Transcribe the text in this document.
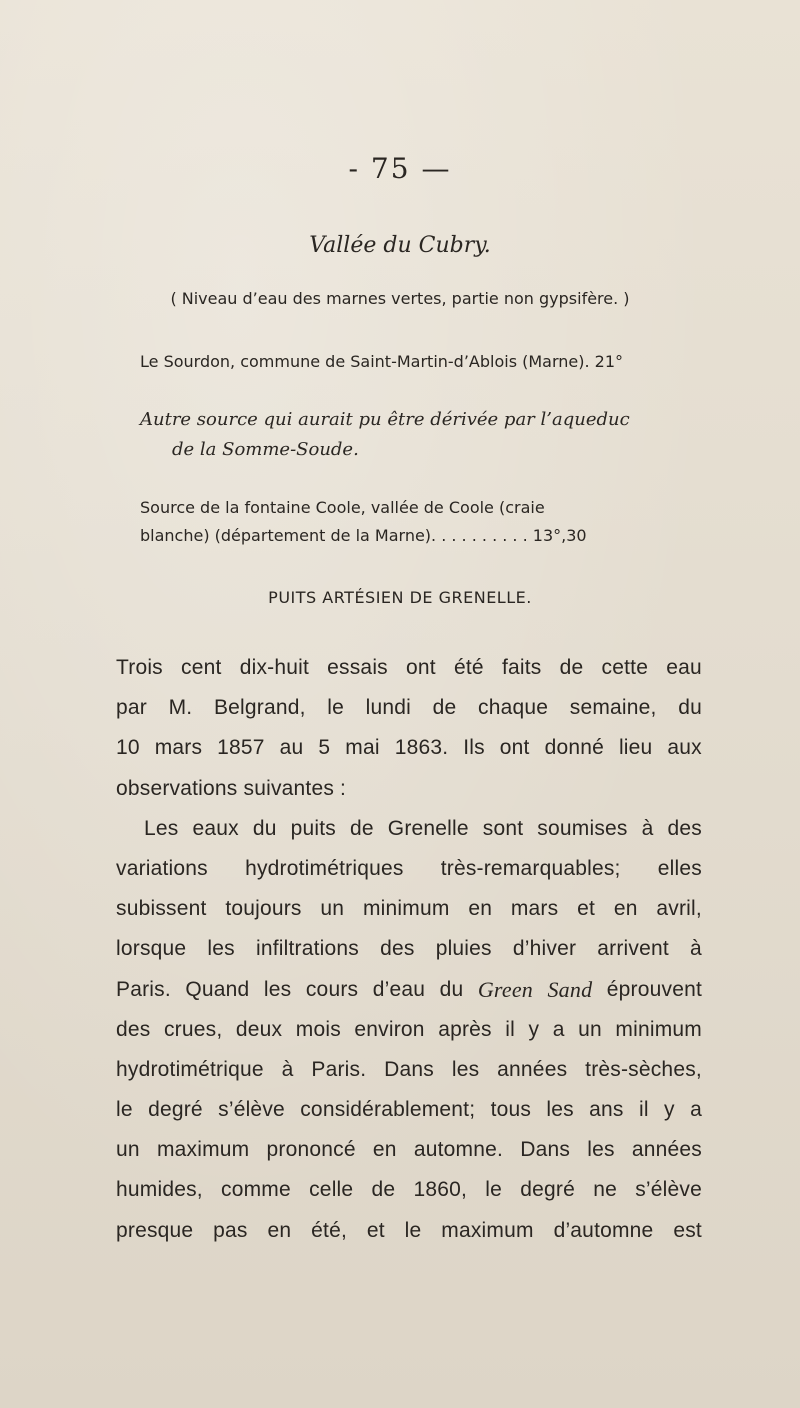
- 75 —
Vallée du Cubry.
( Niveau d’eau des marnes vertes, partie non gypsifère. )
Le Sourdon, commune de Saint-Martin-d’Ablois (Marne). 21°
Autre source qui aurait pu être dérivée par l’aqueduc
de la Somme-Soude.
Source de la fontaine Coole, vallée de Coole (craie
blanche) (département de la Marne). . . . . . . . . . 13°,30
PUITS ARTÉSIEN DE GRENELLE.
Trois cent dix-huit essais ont été faits de cette eau
par M. Belgrand, le lundi de chaque semaine, du
10 mars 1857 au 5 mai 1863. Ils ont donné lieu aux
observations suivantes :
Les eaux du puits de Grenelle sont soumises à des
variations hydrotimétriques très-remarquables; elles
subissent toujours un minimum en mars et en avril,
lorsque les infiltrations des pluies d’hiver arrivent à
Paris. Quand les cours d’eau du Green Sand éprouvent
des crues, deux mois environ après il y a un minimum
hydrotimétrique à Paris. Dans les années très-sèches,
le degré s’élève considérablement; tous les ans il y a
un maximum prononcé en automne. Dans les années
humides, comme celle de 1860, le degré ne s’élève
presque pas en été, et le maximum d’automne est
